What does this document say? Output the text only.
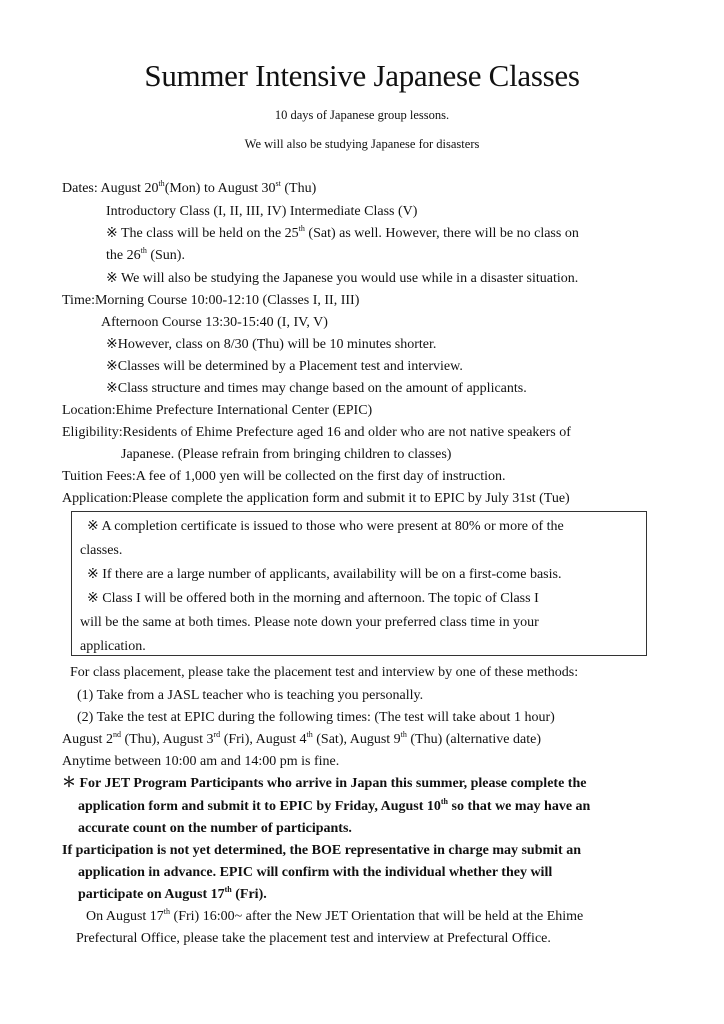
Summer Intensive Japanese Classes
10 days of Japanese group lessons.
We will also be studying Japanese for disasters
Dates: August 20th(Mon) to August 30st (Thu)
Introductory Class (I, II, III, IV) Intermediate Class (V)
※ The class will be held on the 25th (Sat) as well. However, there will be no class on
the 26th (Sun).
※ We will also be studying the Japanese you would use while in a disaster situation.
Time:Morning Course 10:00-12:10 (Classes I, II, III)
Afternoon Course 13:30-15:40 (I, IV, V)
※However, class on 8/30 (Thu) will be 10 minutes shorter.
※Classes will be determined by a Placement test and interview.
※Class structure and times may change based on the amount of applicants.
Location:Ehime Prefecture International Center (EPIC)
Eligibility:Residents of Ehime Prefecture aged 16 and older who are not native speakers of
Japanese. (Please refrain from bringing children to classes)
Tuition Fees:A fee of 1,000 yen will be collected on the first day of instruction.
Application:Please complete the application form and submit it to EPIC by July 31st (Tue)
※ A completion certificate is issued to those who were present at 80% or more of the
classes.
※ If there are a large number of applicants, availability will be on a first-come basis.
※ Class I will be offered both in the morning and afternoon. The topic of Class I
will be the same at both times. Please note down your preferred class time in your
application.
For class placement, please take the placement test and interview by one of these methods:
(1) Take from a JASL teacher who is teaching you personally.
(2) Take the test at EPIC during the following times: (The test will take about 1 hour)
August 2nd (Thu), August 3rd (Fri), August 4th (Sat), August 9th (Thu) (alternative date)
Anytime between 10:00 am and 14:00 pm is fine.
＊ For JET Program Participants who arrive in Japan this summer, please complete the
application form and submit it to EPIC by Friday, August 10th so that we may have an
accurate count on the number of participants.
If participation is not yet determined, the BOE representative in charge may submit an
application in advance. EPIC will confirm with the individual whether they will
participate on August 17th (Fri).
On August 17th (Fri) 16:00~ after the New JET Orientation that will be held at the Ehime
Prefectural Office, please take the placement test and interview at Prefectural Office.
